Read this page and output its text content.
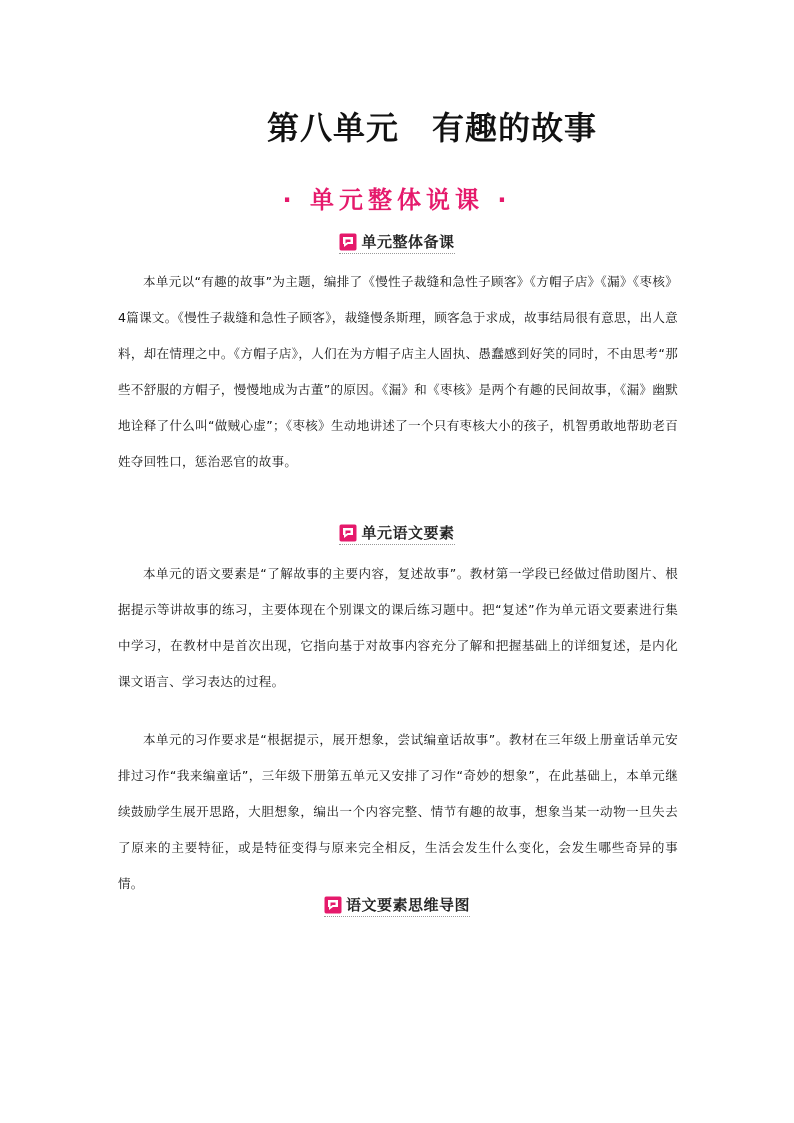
第八单元　有趣的故事
· 单元整体说课 ·
单元整体备课

本单元以“有趣的故事”为主题，编排了《慢性子裁缝和急性子顾客》《方帽子店》《漏》《枣核》4篇课文。《慢性子裁缝和急性子顾客》，裁缝慢条斯理，顾客急于求成，故事结局很有意思，出人意料，却在情理之中。《方帽子店》，人们在为方帽子店主人固执、愚蠢感到好笑的同时，不由思考“那些不舒服的方帽子，慢慢地成为古董”的原因。《漏》和《枣核》是两个有趣的民间故事，《漏》幽默地诠释了什么叫“做贼心虚”；《枣核》生动地讲述了一个只有枣核大小的孩子，机智勇敢地帮助老百姓夺回牲口，惩治恶官的故事。

单元语文要素

本单元的语文要素是“了解故事的主要内容，复述故事”。教材第一学段已经做过借助图片、根据提示等讲故事的练习，主要体现在个别课文的课后练习题中。把“复述”作为单元语文要素进行集中学习，在教材中是首次出现，它指向基于对故事内容充分了解和把握基础上的详细复述，是内化课文语言、学习表达的过程。

本单元的习作要求是“根据提示，展开想象，尝试编童话故事”。教材在三年级上册童话单元安排过习作“我来编童话”，三年级下册第五单元又安排了习作“奇妙的想象”，在此基础上，本单元继续鼓励学生展开思路，大胆想象，编出一个内容完整、情节有趣的故事，想象当某一动物一旦失去了原来的主要特征，或是特征变得与原来完全相反，生活会发生什么变化，会发生哪些奇异的事情。

语文要素思维导图
